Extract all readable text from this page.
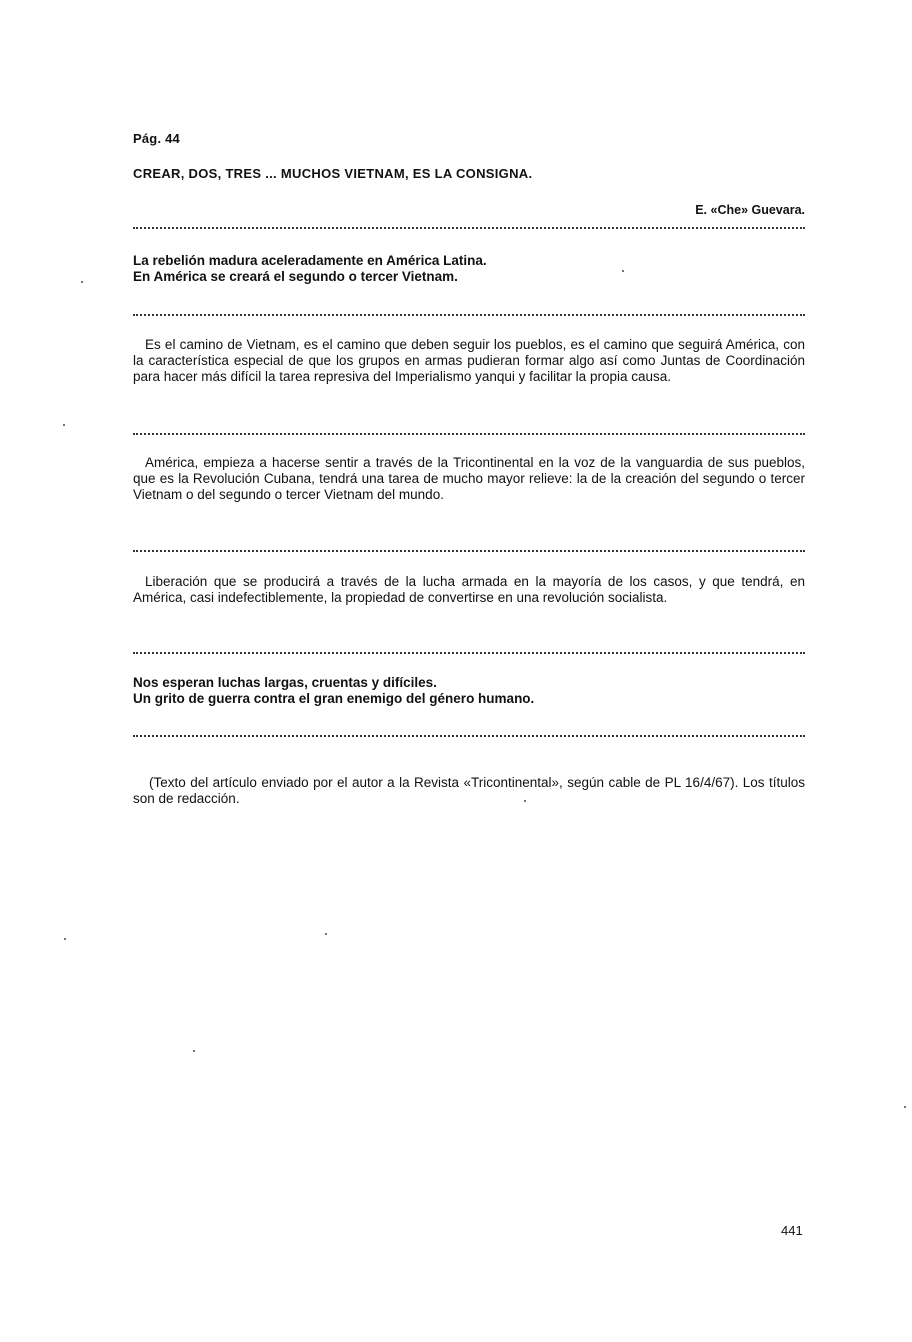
Pág. 44
CREAR, DOS, TRES ... MUCHOS VIETNAM, ES LA CONSIGNA.
E. «Che» Guevara.
La rebelión madura aceleradamente en América Latina.
En América se creará el segundo o tercer Vietnam.
Es el camino de Vietnam, es el camino que deben seguir los pueblos, es el camino que seguirá América, con la característica especial de que los grupos en armas pudieran formar algo así como Juntas de Coordinación para hacer más difícil la tarea represiva del Imperialismo yanqui y facilitar la propia causa.
América, empieza a hacerse sentir a través de la Tricontinental en la voz de la vanguardia de sus pueblos, que es la Revolución Cubana, tendrá una tarea de mucho mayor relieve: la de la creación del segundo o tercer Vietnam o del segundo o tercer Vietnam del mundo.
Liberación que se producirá a través de la lucha armada en la mayoría de los casos, y que tendrá, en América, casi indefectiblemente, la propiedad de convertirse en una revolución socialista.
Nos esperan luchas largas, cruentas y difíciles.
Un grito de guerra contra el gran enemigo del género humano.
(Texto del artículo enviado por el autor a la Revista «Tricontinental», según cable de PL 16/4/67). Los títulos son de redacción.
441
